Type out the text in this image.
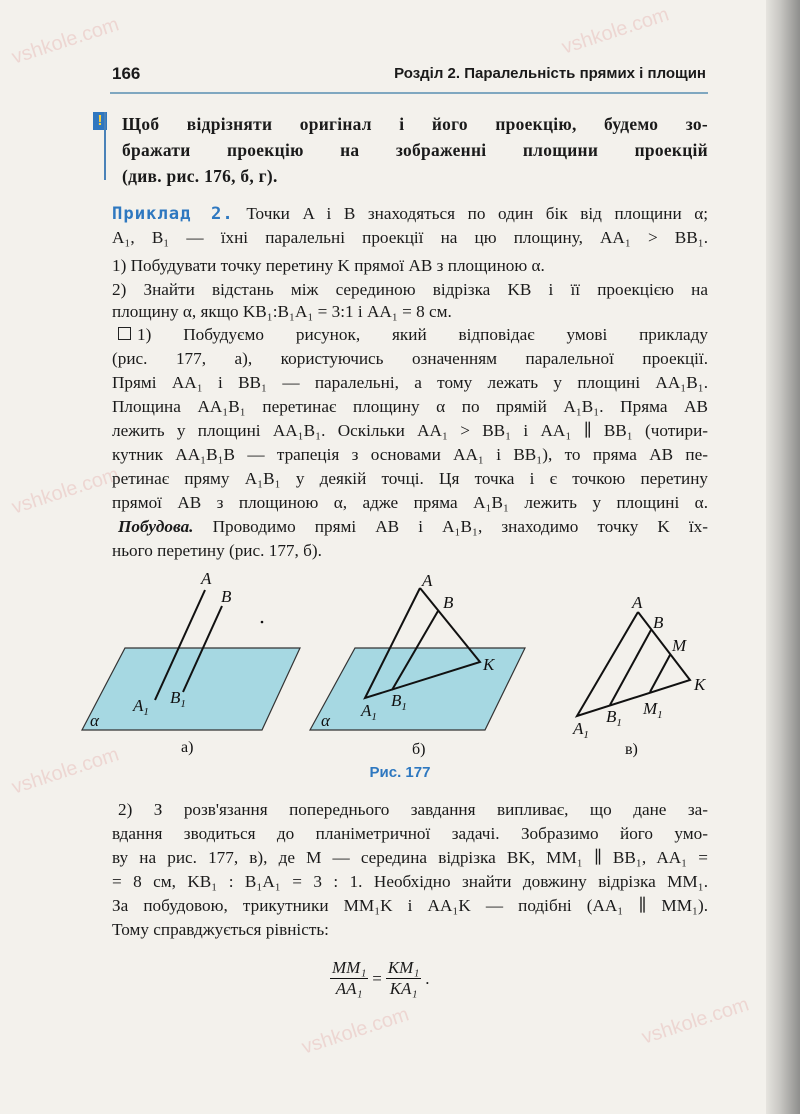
vshkole.com	vshkole.com
vshkole.com
vshkole.com
vshkole.com
vshkole.com
166	Розділ 2. Паралельність прямих і площин
! Щоб відрізняти оригінал і його проекцію, будемо зо-
бражати проекцію на зображенні площини проекцій
(див. рис. 176, б, г).
Приклад 2. Точки A і B знаходяться по один бік від площини α;
A₁, B₁ — їхні паралельні проекції на цю площину, AA₁ > BB₁.
1) Побудувати точку перетину K прямої AB з площиною α.
2) Знайти відстань між серединою відрізка KB і її проекцією на
площину α, якщо KB₁:B₁A₁ = 3:1 і AA₁ = 8 см.
1) Побудуємо рисунок, який відповідає умові прикладу
(рис. 177, а), користуючись означенням паралельної проекції.
Прямі AA₁ і BB₁ — паралельні, а тому лежать у площині AA₁B₁.
Площина AA₁B₁ перетинає площину α по прямій A₁B₁. Пряма AB
лежить у площині AA₁B₁. Оскільки AA₁ > BB₁ і AA₁ ∥ BB₁ (чотири-
кутник AA₁B₁B — трапеція з основами AA₁ і BB₁), то пряма AB пе-
ретинає пряму A₁B₁ у деякій точці. Ця точка і є точкою перетину
прямої AB з площиною α, адже пряма A₁B₁ лежить у площині α.
Побудова. Проводимо прямі AB і A₁B₁, знаходимо точку K їх-
нього перетину (рис. 177, б).
A
B
$A_1$
$B_1$
α
а)
A
B
K
$A_1$
$B_1$
α
б)
A
B
M
K
$M_1$
$B_1$
$A_1$
в)
Рис. 177
2) З розв'язання попереднього завдання випливає, що дане за-
вдання зводиться до планіметричної задачі. Зобразимо його умо-
ву на рис. 177, в), де M — середина відрізка BK, MM₁ ∥ BB₁, AA₁ =
= 8 см, KB₁ : B₁A₁ = 3 : 1. Необхідно знайти довжину відрізка MM₁.
За побудовою, трикутники MM₁K і AA₁K — подібні (AA₁ ∥ MM₁).
Тому справджується рівність:
$\frac{\text{MM₁}}{\text{AA₁}} = \frac{\text{KM₁}}{\text{KA₁}}$ .
